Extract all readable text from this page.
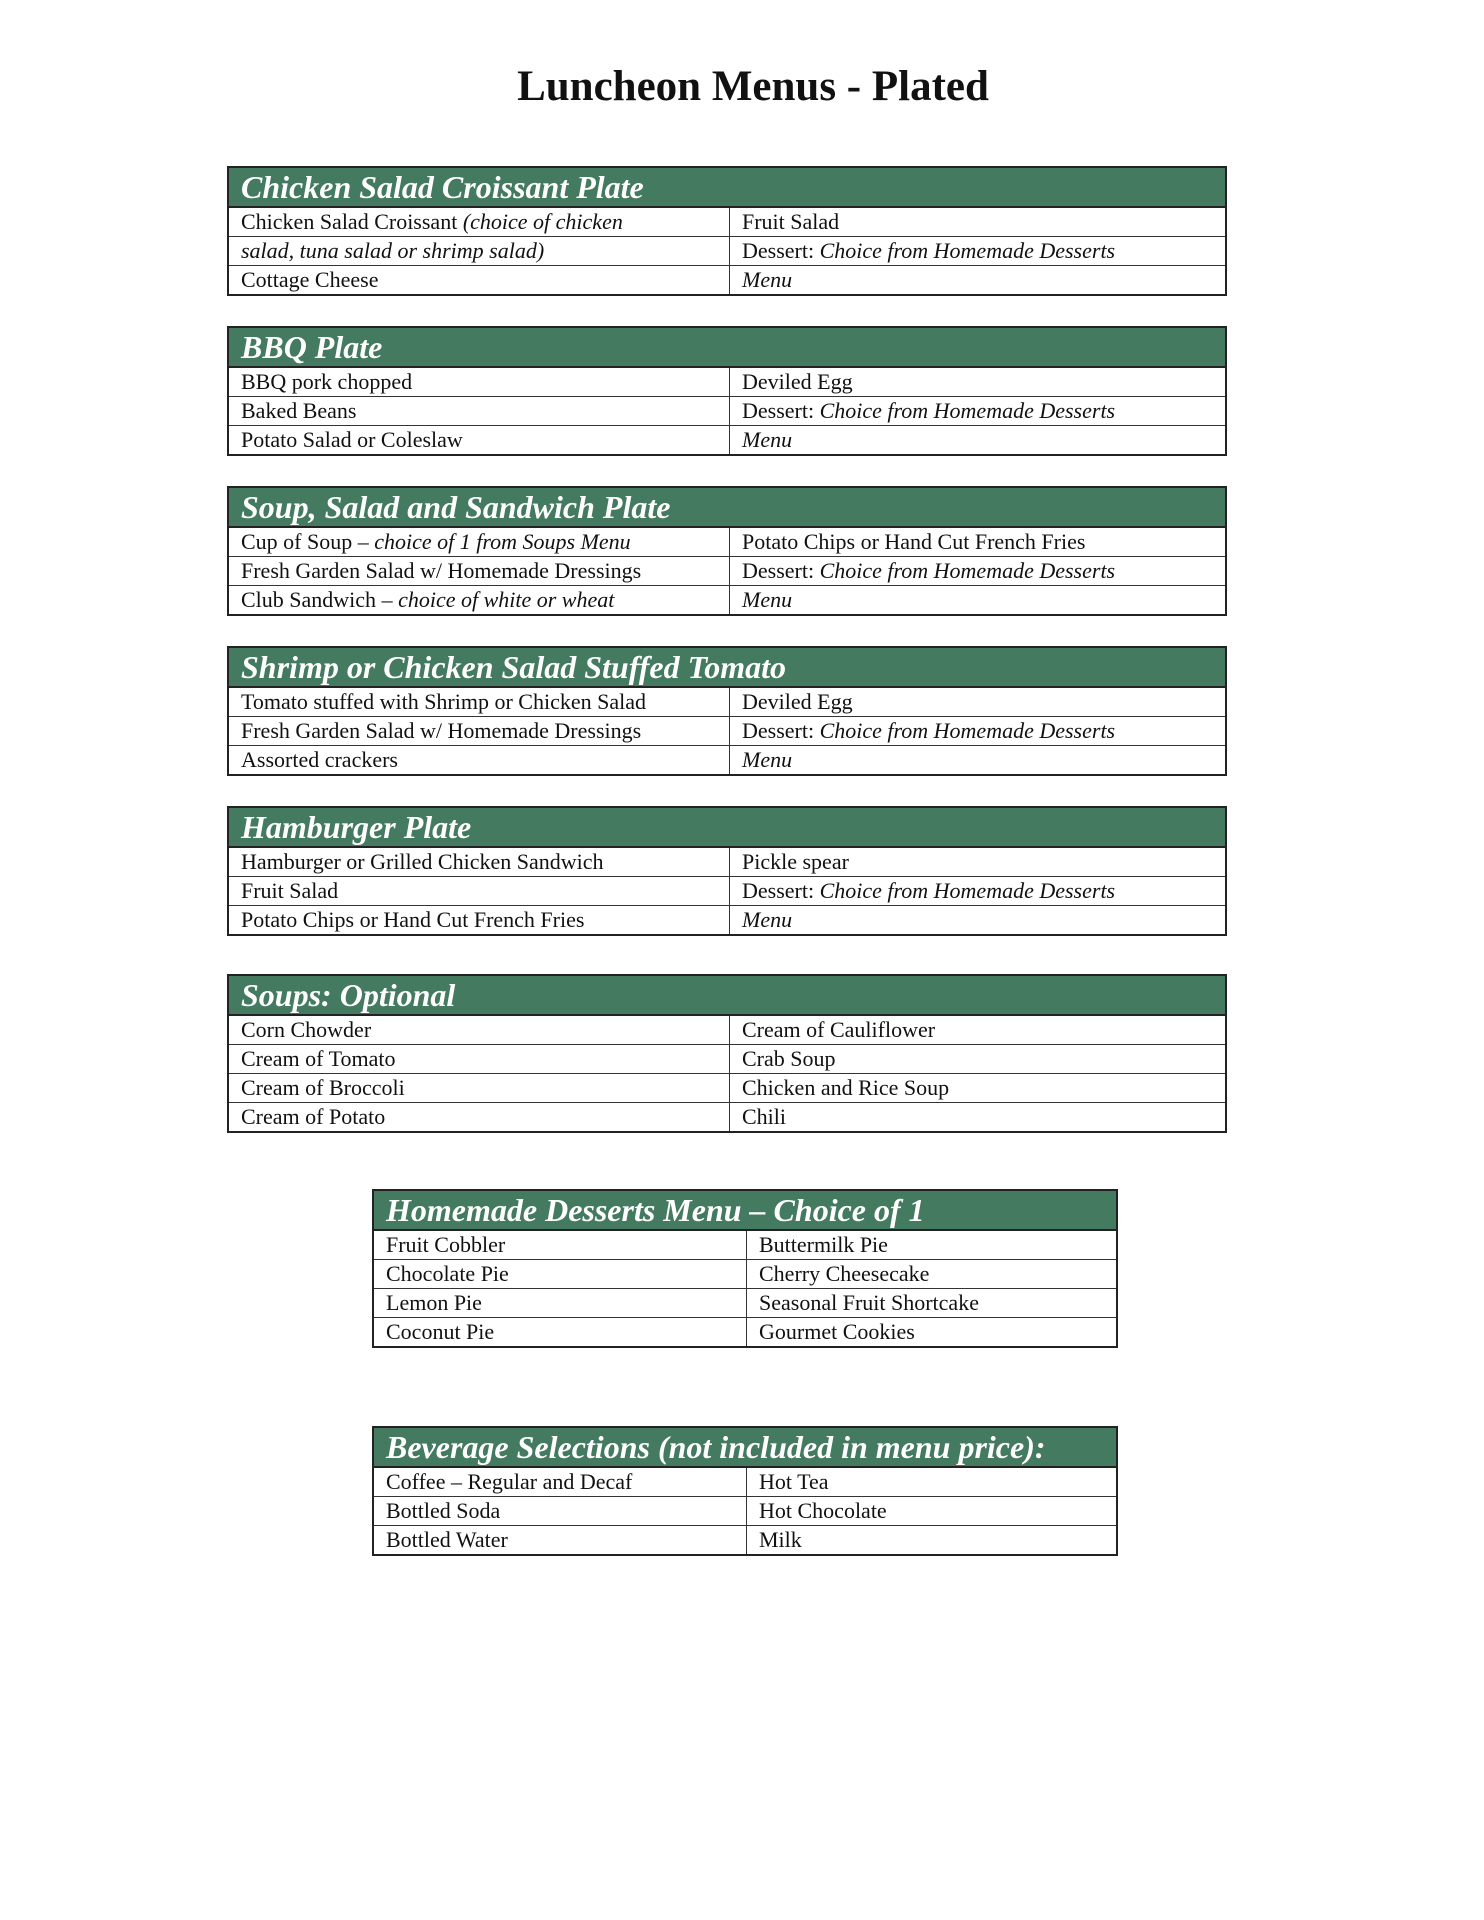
Luncheon Menus - Plated
Chicken Salad Croissant Plate
Chicken Salad Croissant (choice of chicken	Fruit Salad
salad, tuna salad or shrimp salad)	Dessert: Choice from Homemade Desserts
Cottage Cheese	Menu
BBQ Plate
BBQ pork chopped	Deviled Egg
Baked Beans	Dessert: Choice from Homemade Desserts
Potato Salad or Coleslaw	Menu
Soup, Salad and Sandwich Plate
Cup of Soup – choice of 1 from Soups Menu	Potato Chips or Hand Cut French Fries
Fresh Garden Salad w/ Homemade Dressings	Dessert: Choice from Homemade Desserts
Club Sandwich – choice of white or wheat	Menu
Shrimp or Chicken Salad Stuffed Tomato
Tomato stuffed with Shrimp or Chicken Salad	Deviled Egg
Fresh Garden Salad w/ Homemade Dressings	Dessert: Choice from Homemade Desserts
Assorted crackers	Menu
Hamburger Plate
Hamburger or Grilled Chicken Sandwich	Pickle spear
Fruit Salad	Dessert: Choice from Homemade Desserts
Potato Chips or Hand Cut French Fries	Menu
Soups: Optional
Corn Chowder	Cream of Cauliflower
Cream of Tomato	Crab Soup
Cream of Broccoli	Chicken and Rice Soup
Cream of Potato	Chili
Homemade Desserts Menu – Choice of 1
Fruit Cobbler	Buttermilk Pie
Chocolate Pie	Cherry Cheesecake
Lemon Pie	Seasonal Fruit Shortcake
Coconut Pie	Gourmet Cookies
Beverage Selections (not included in menu price):
Coffee – Regular and Decaf	Hot Tea
Bottled Soda	Hot Chocolate
Bottled Water	Milk
